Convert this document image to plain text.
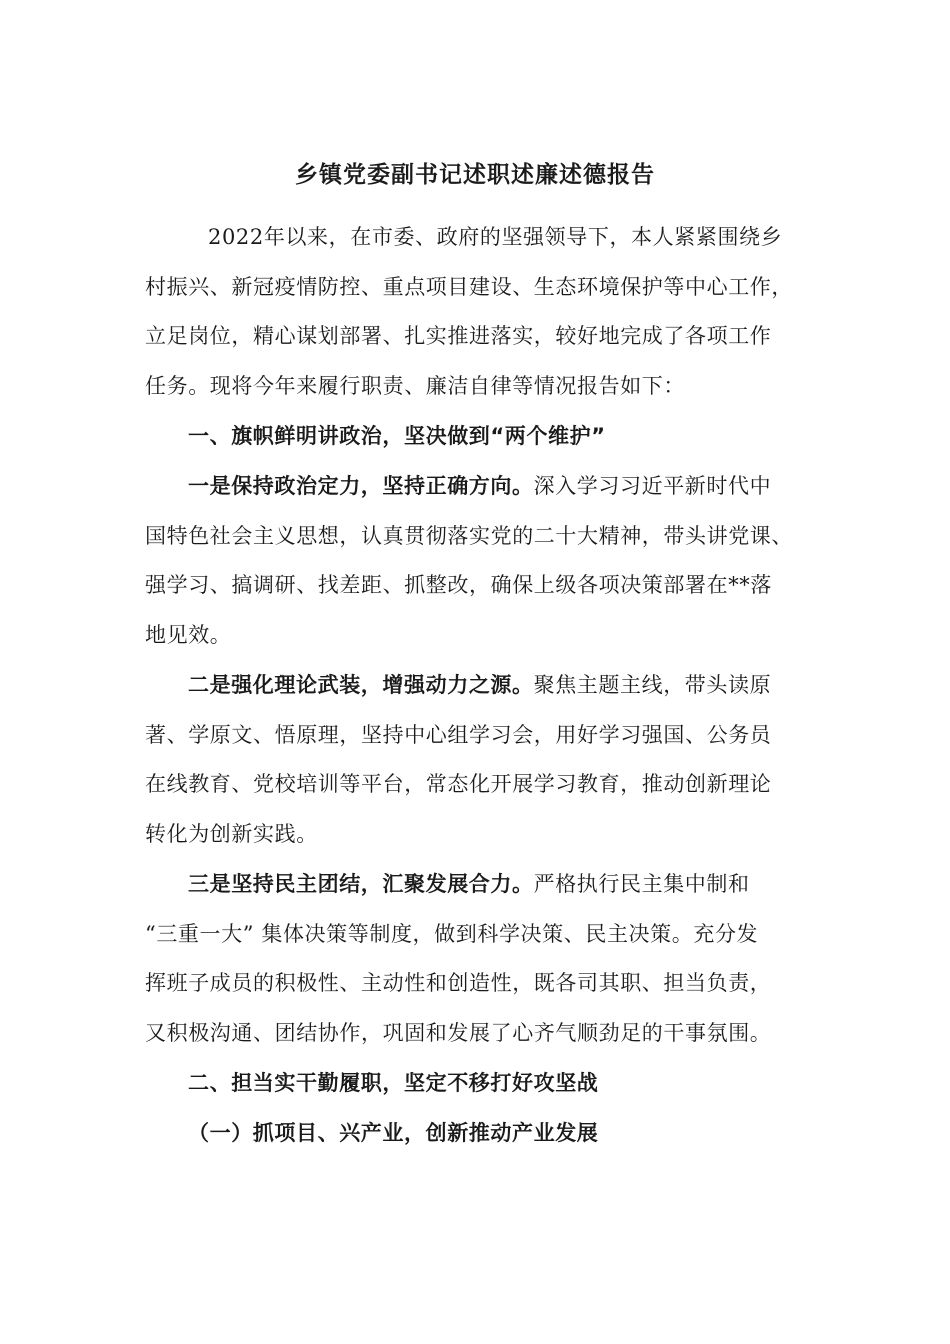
乡镇党委副书记述职述廉述德报告
2022年以来，在市委、政府的坚强领导下，本人紧紧围绕乡
村振兴、新冠疫情防控、重点项目建设、生态环境保护等中心工作，
立足岗位，精心谋划部署、扎实推进落实，较好地完成了各项工作
任务。现将今年来履行职责、廉洁自律等情况报告如下：
一、旗帜鲜明讲政治，坚决做到“两个维护”
一是保持政治定力，坚持正确方向。深入学习习近平新时代中
国特色社会主义思想，认真贯彻落实党的二十大精神，带头讲党课、
强学习、搞调研、找差距、抓整改，确保上级各项决策部署在**落
地见效。
二是强化理论武装，增强动力之源。聚焦主题主线，带头读原
著、学原文、悟原理，坚持中心组学习会，用好学习强国、公务员
在线教育、党校培训等平台，常态化开展学习教育，推动创新理论
转化为创新实践。
三是坚持民主团结，汇聚发展合力。严格执行民主集中制和
“三重一大” 集体决策等制度，做到科学决策、民主决策。充分发
挥班子成员的积极性、主动性和创造性，既各司其职、担当负责，
又积极沟通、团结协作，巩固和发展了心齐气顺劲足的干事氛围。
二、担当实干勤履职，坚定不移打好攻坚战
（一）抓项目、兴产业，创新推动产业发展
